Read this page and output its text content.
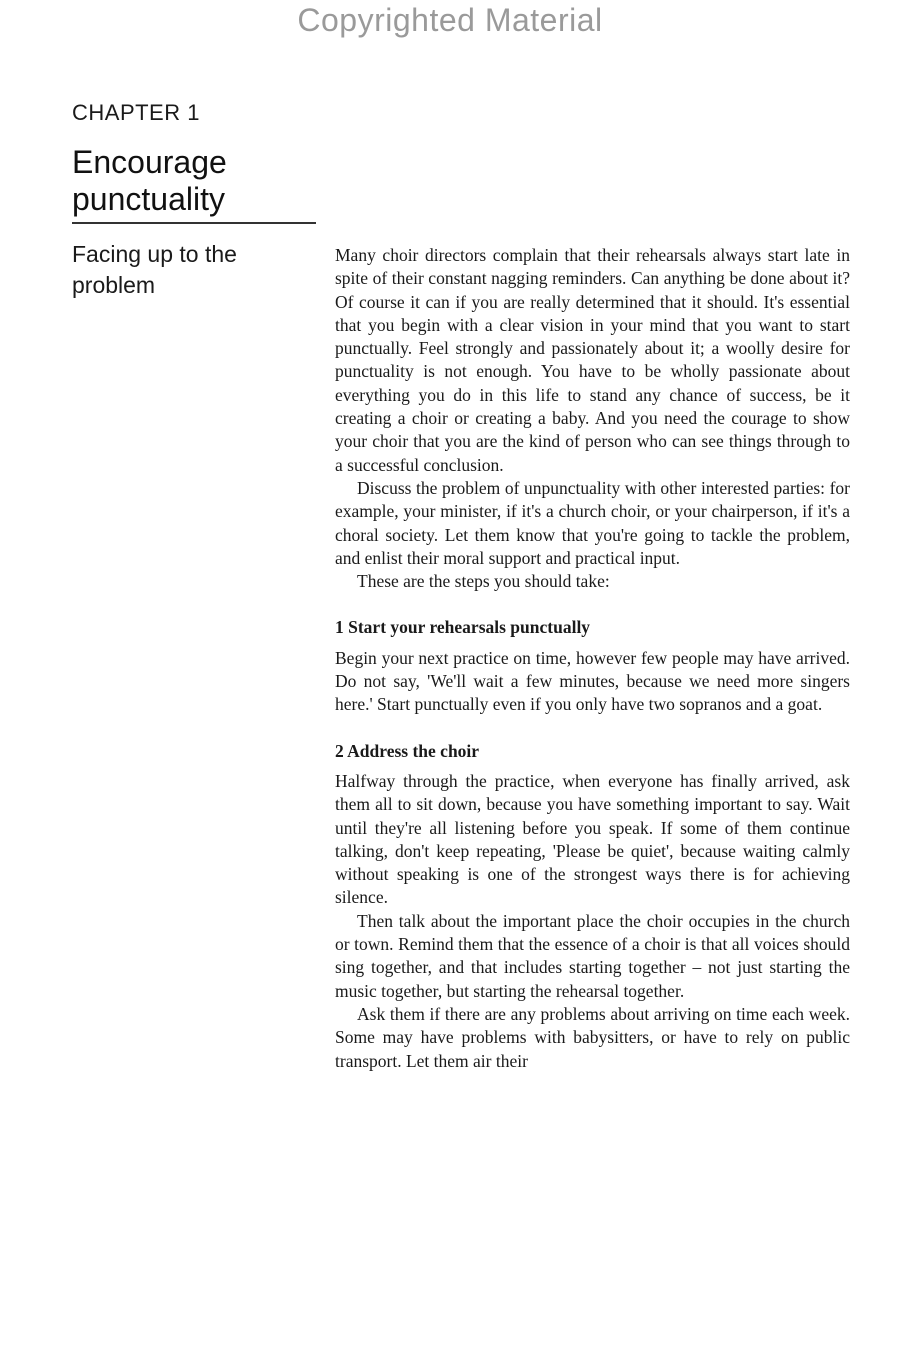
Copyrighted Material
CHAPTER 1
Encourage punctuality
Facing up to the problem

Many choir directors complain that their rehearsals always start late in spite of their constant nagging reminders. Can anything be done about it? Of course it can if you are really determined that it should. It's essential that you begin with a clear vision in your mind that you want to start punctually. Feel strongly and passionately about it; a woolly desire for punctuality is not enough. You have to be wholly passionate about everything you do in this life to stand any chance of success, be it creating a choir or creating a baby. And you need the courage to show your choir that you are the kind of person who can see things through to a successful conclusion.

Discuss the problem of unpunctuality with other interested parties: for example, your minister, if it's a church choir, or your chairperson, if it's a choral society. Let them know that you're going to tackle the problem, and enlist their moral support and practical input.

These are the steps you should take:

1 Start your rehearsals punctually

Begin your next practice on time, however few people may have arrived. Do not say, 'We'll wait a few minutes, because we need more singers here.' Start punctually even if you only have two sopranos and a goat.

2 Address the choir

Halfway through the practice, when everyone has finally arrived, ask them all to sit down, because you have something important to say. Wait until they're all listening before you speak. If some of them continue talking, don't keep repeating, 'Please be quiet', because waiting calmly without speaking is one of the strongest ways there is for achieving silence.

Then talk about the important place the choir occupies in the church or town. Remind them that the essence of a choir is that all voices should sing together, and that includes starting together – not just starting the music together, but starting the rehearsal together.

Ask them if there are any problems about arriving on time each week. Some may have problems with babysitters, or have to rely on public transport. Let them air their
